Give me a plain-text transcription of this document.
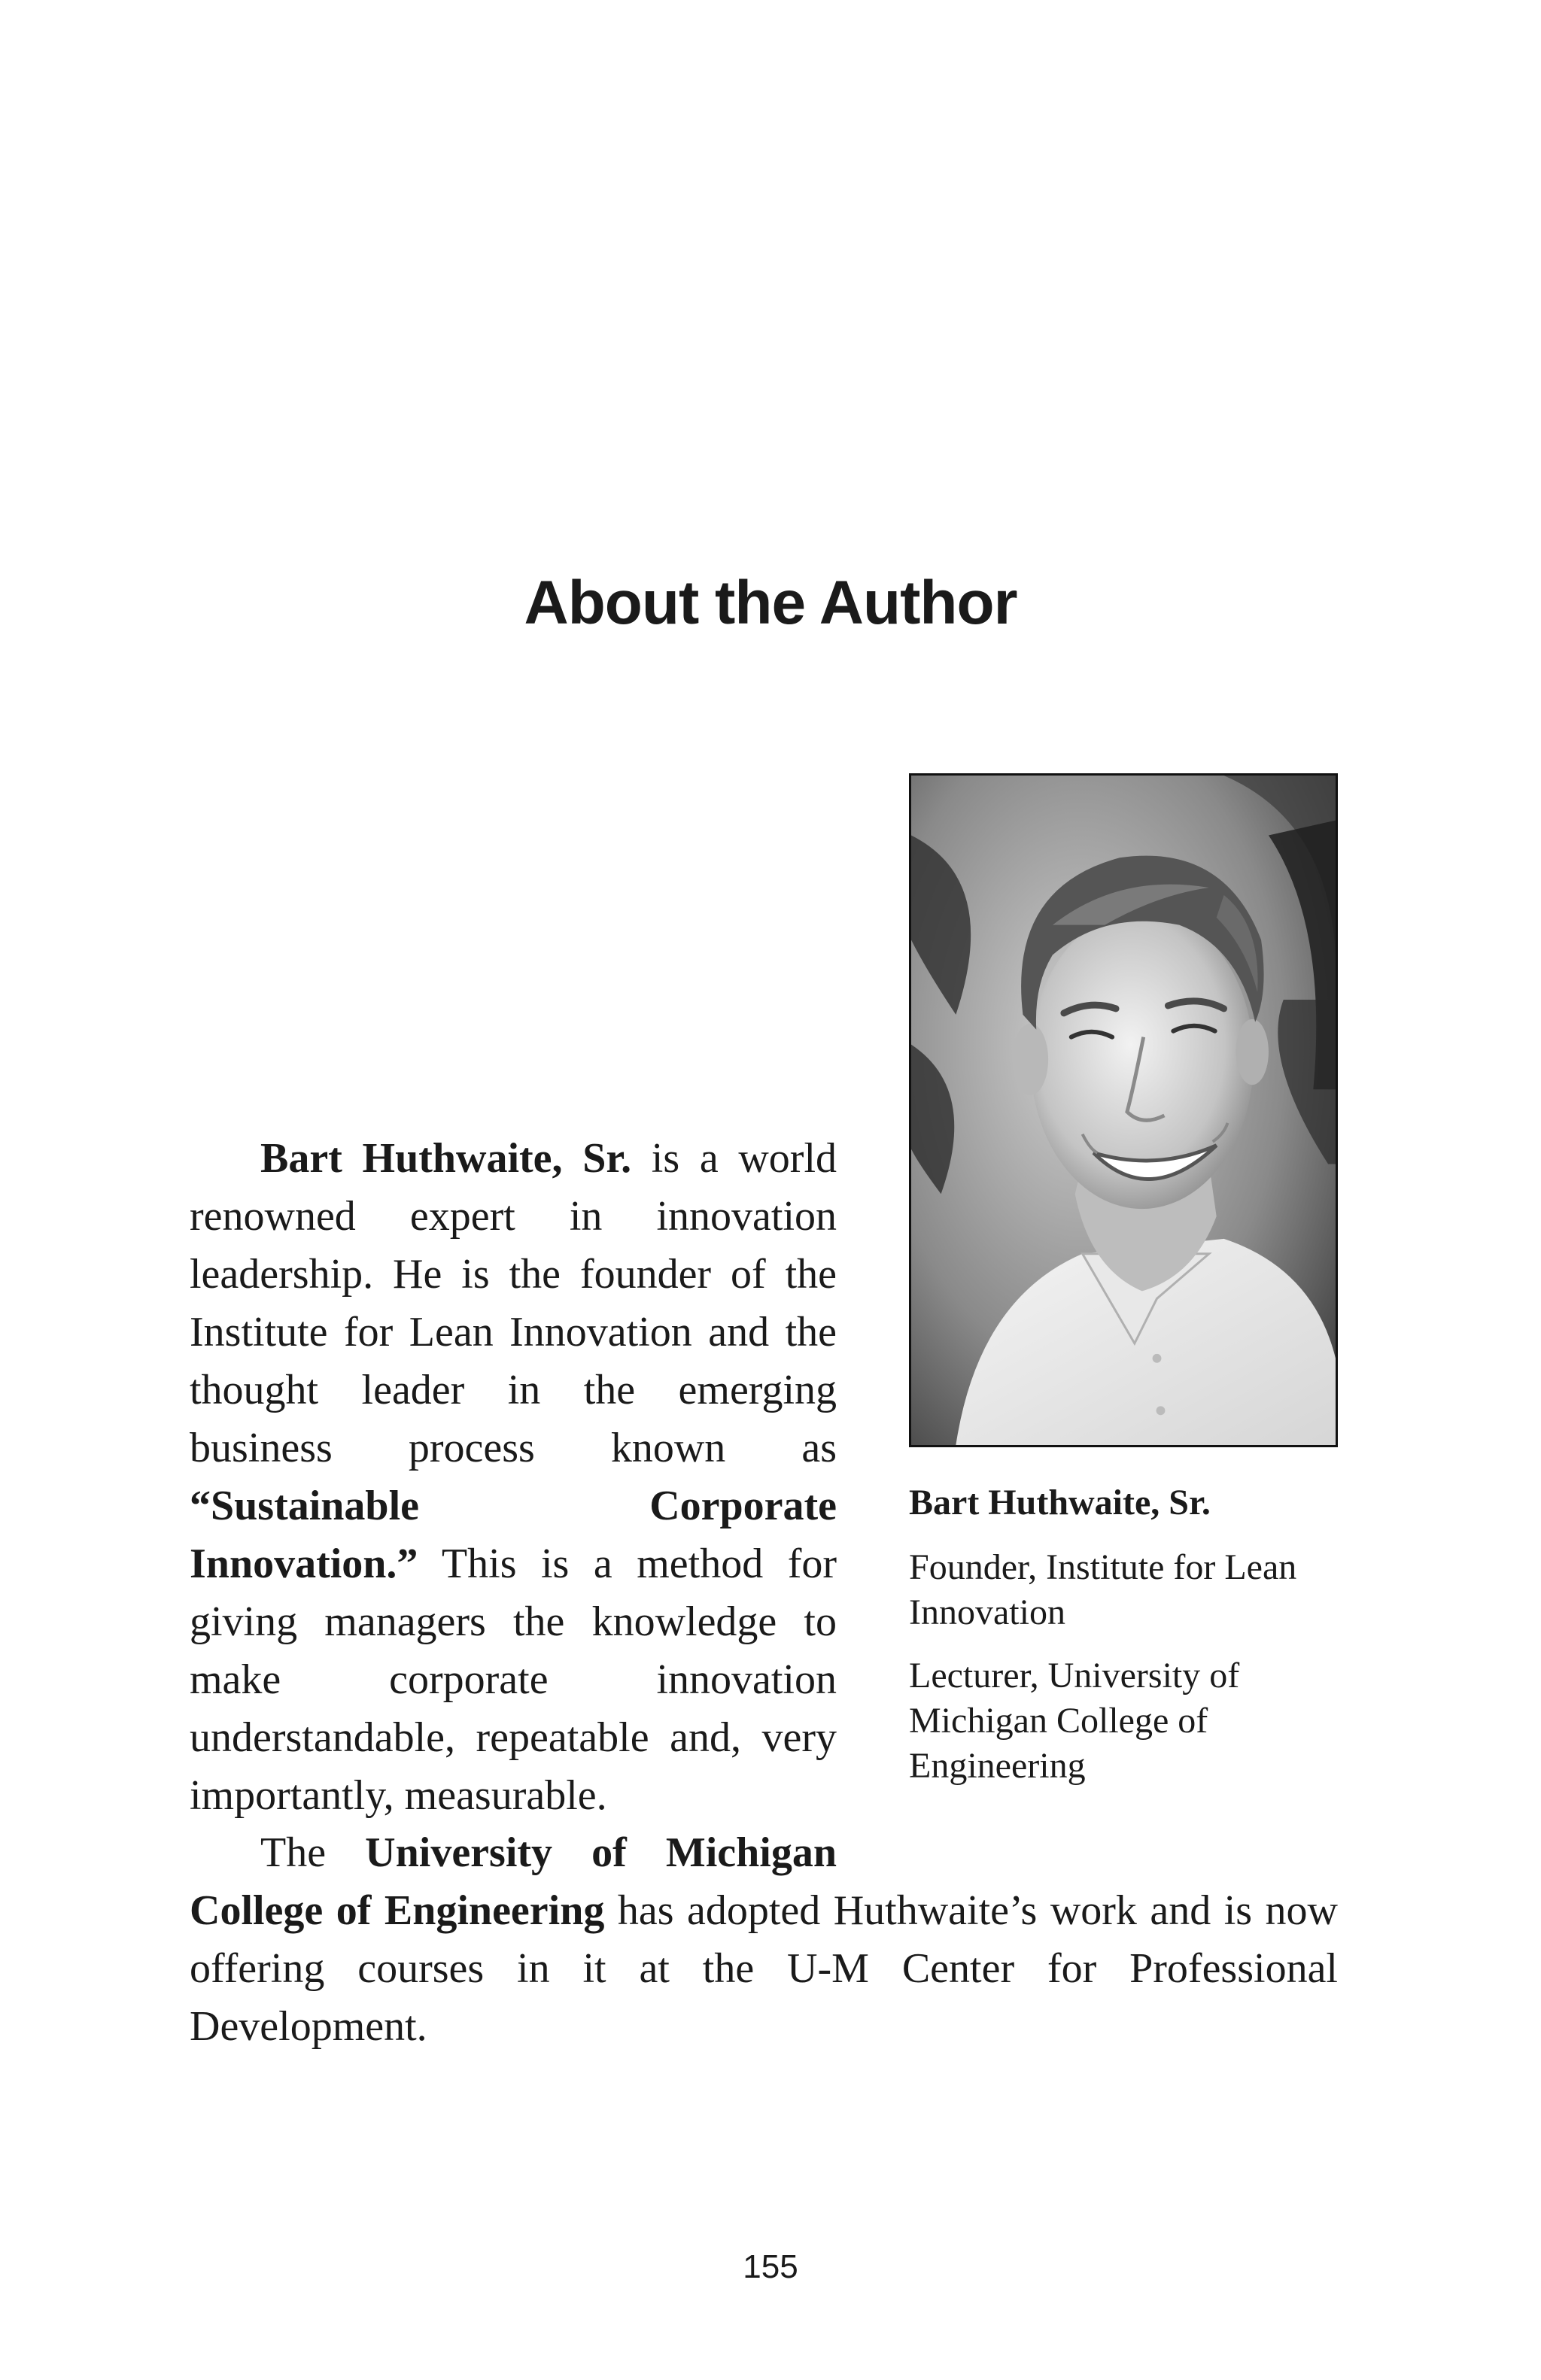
About the Author

Bart Huthwaite, Sr.

Founder, Institute for Lean Innovation

Lecturer, University of Michigan College of Engineering

Bart Huthwaite, Sr. is a world renowned expert in innovation leadership. He is the founder of the Institute for Lean Innovation and the thought leader in the emerging business process known as “Sustainable Corporate Innovation.” This is a method for giving managers the knowledge to make corporate innovation understandable, repeatable and, very importantly, measurable.

The University of Michigan

College of Engineering has adopted Huthwaite’s work and is now offering courses in it at the U-M Center for Professional Development.

155
